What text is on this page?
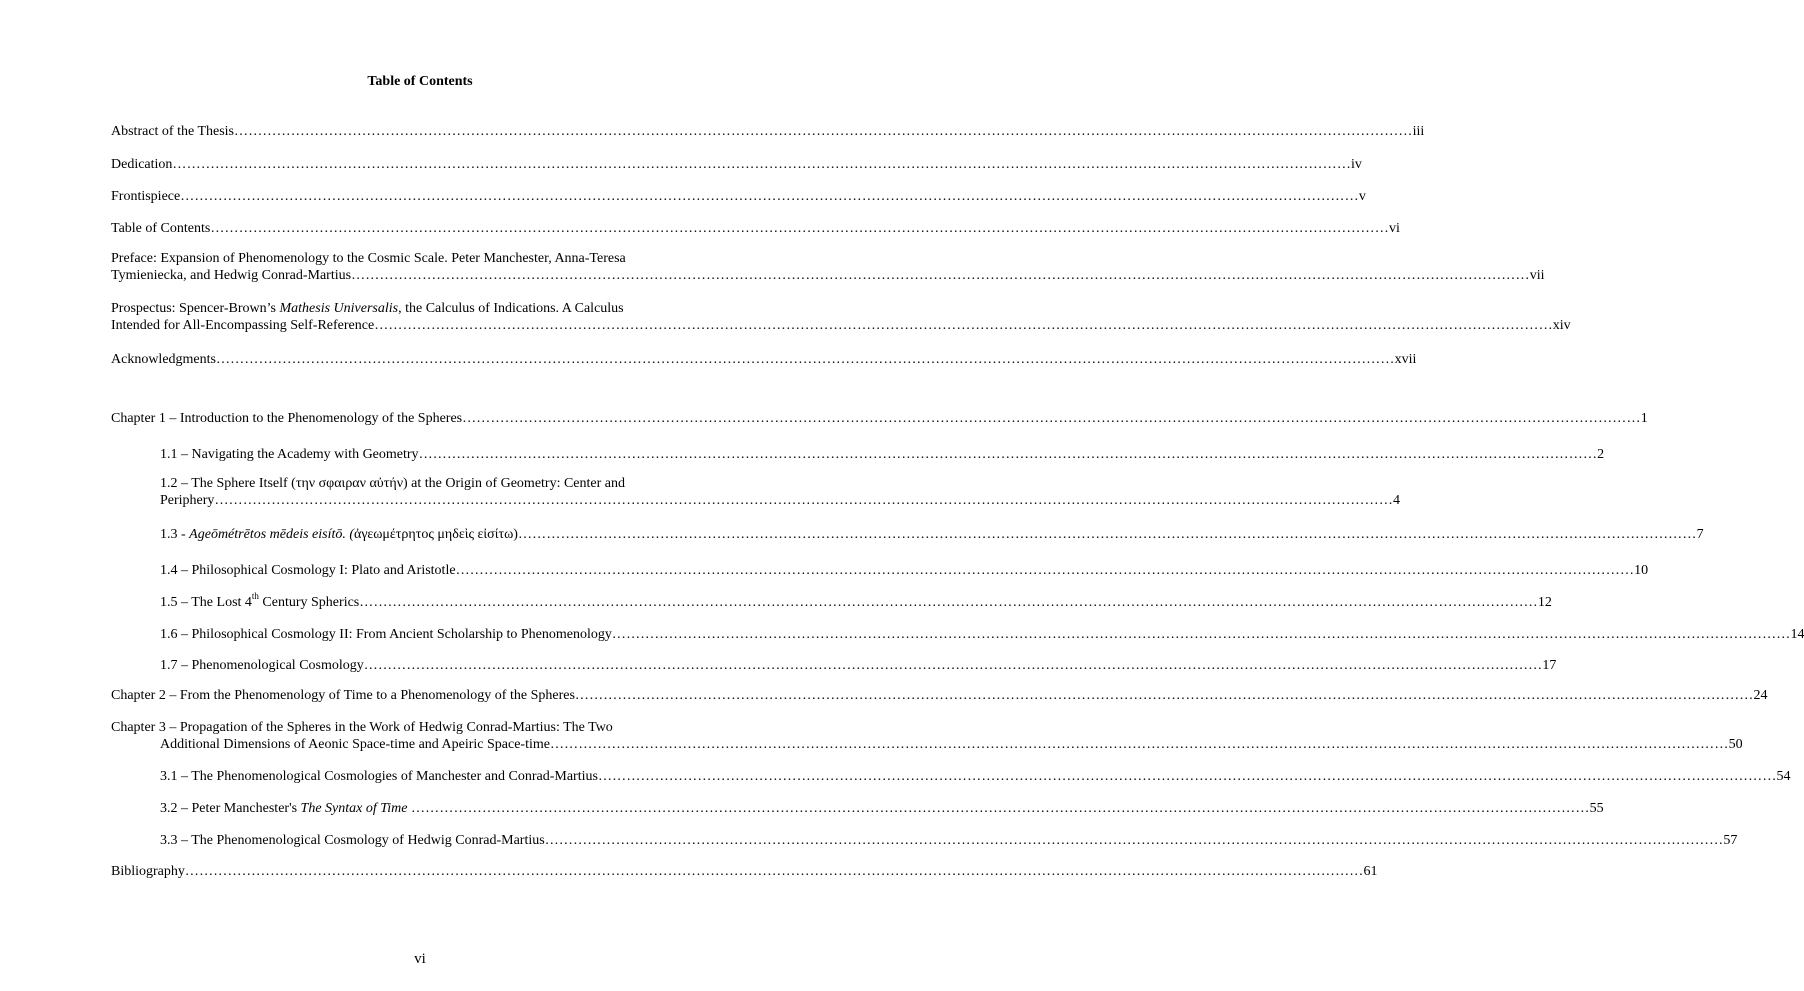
Table of Contents
Abstract of the Thesis …………………………………………………………………………………………………………………………………………………………………………………………………………………………… iii
Dedication …………………………………………………………………………………………………………………………………………………………………………………………………………………………… iv
Frontispiece …………………………………………………………………………………………………………………………………………………………………………………………………………………………… v
Table of Contents …………………………………………………………………………………………………………………………………………………………………………………………………………………………… vi
Preface: Expansion of Phenomenology to the Cosmic Scale. Peter Manchester, Anna-Teresa
Tymieniecka, and Hedwig Conrad-Martius …………………………………………………………………………………………………………………………………………………………………………………………………………………………… vii
Prospectus: Spencer-Brown’s Mathesis Universalis, the Calculus of Indications. A Calculus
Intended for All-Encompassing Self-Reference …………………………………………………………………………………………………………………………………………………………………………………………………………………………… xiv
Acknowledgments …………………………………………………………………………………………………………………………………………………………………………………………………………………………… xvii
Chapter 1 – Introduction to the Phenomenology of the Spheres …………………………………………………………………………………………………………………………………………………………………………………………………………………………… 1
1.1 – Navigating the Academy with Geometry …………………………………………………………………………………………………………………………………………………………………………………………………………………………… 2
1.2 – The Sphere Itself (την σφαιραν αὐτήν) at the Origin of Geometry: Center and
Periphery …………………………………………………………………………………………………………………………………………………………………………………………………………………………… 4
1.3 - Ageōmétrētos mēdeis eisítō. (ἀγεωμέτρητος μηδεὶς εἰσίτω) …………………………………………………………………………………………………………………………………………………………………………………………………………………………… 7
1.4 – Philosophical Cosmology I: Plato and Aristotle …………………………………………………………………………………………………………………………………………………………………………………………………………………………… 10
1.5 – The Lost 4th Century Spherics …………………………………………………………………………………………………………………………………………………………………………………………………………………………… 12
1.6 – Philosophical Cosmology II: From Ancient Scholarship to Phenomenology …………………………………………………………………………………………………………………………………………………………………………………………………………………………… 14
1.7 – Phenomenological Cosmology …………………………………………………………………………………………………………………………………………………………………………………………………………………………… 17
Chapter 2 – From the Phenomenology of Time to a Phenomenology of the Spheres …………………………………………………………………………………………………………………………………………………………………………………………………………………………… 24
Chapter 3 – Propagation of the Spheres in the Work of Hedwig Conrad-Martius: The Two
Additional Dimensions of Aeonic Space-time and Apeiric Space-time …………………………………………………………………………………………………………………………………………………………………………………………………………………………… 50
3.1 – The Phenomenological Cosmologies of Manchester and Conrad-Martius …………………………………………………………………………………………………………………………………………………………………………………………………………………………… 54
3.2 – Peter Manchester's The Syntax of Time …………………………………………………………………………………………………………………………………………………………………………………………………………………………… 55
3.3 – The Phenomenological Cosmology of Hedwig Conrad-Martius …………………………………………………………………………………………………………………………………………………………………………………………………………………………… 57
Bibliography …………………………………………………………………………………………………………………………………………………………………………………………………………………………… 61
vi
